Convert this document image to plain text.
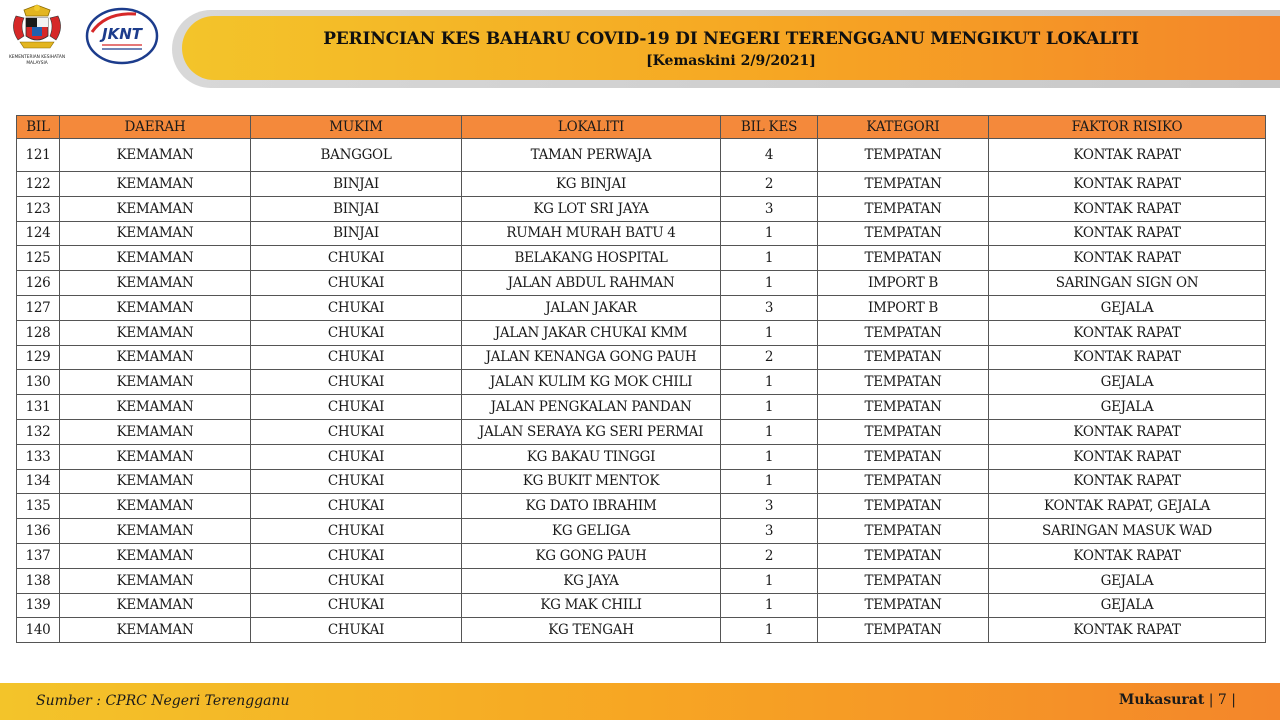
KEMENTERIAN KESIHATAN
MALAYSIA
JKNT	PERINCIAN KES BAHARU COVID-19 DI NEGERI TERENGGANU MENGIKUT LOKALITI
[Kemaskini 2/9/2021]
BIL	DAERAH	MUKIM	LOKALITI	BIL KES	KATEGORI	FAKTOR RISIKO
121	KEMAMAN	BANGGOL	TAMAN PERWAJA	4	TEMPATAN	KONTAK RAPAT
122	KEMAMAN	BINJAI	KG BINJAI	2	TEMPATAN	KONTAK RAPAT
123	KEMAMAN	BINJAI	KG LOT SRI JAYA	3	TEMPATAN	KONTAK RAPAT
124	KEMAMAN	BINJAI	RUMAH MURAH BATU 4	1	TEMPATAN	KONTAK RAPAT
125	KEMAMAN	CHUKAI	BELAKANG HOSPITAL	1	TEMPATAN	KONTAK RAPAT
126	KEMAMAN	CHUKAI	JALAN ABDUL RAHMAN	1	IMPORT B	SARINGAN SIGN ON
127	KEMAMAN	CHUKAI	JALAN JAKAR	3	IMPORT B	GEJALA
128	KEMAMAN	CHUKAI	JALAN JAKAR CHUKAI KMM	1	TEMPATAN	KONTAK RAPAT
129	KEMAMAN	CHUKAI	JALAN KENANGA GONG PAUH	2	TEMPATAN	KONTAK RAPAT
130	KEMAMAN	CHUKAI	JALAN KULIM KG MOK CHILI	1	TEMPATAN	GEJALA
131	KEMAMAN	CHUKAI	JALAN PENGKALAN PANDAN	1	TEMPATAN	GEJALA
132	KEMAMAN	CHUKAI	JALAN SERAYA KG SERI PERMAI	1	TEMPATAN	KONTAK RAPAT
133	KEMAMAN	CHUKAI	KG BAKAU TINGGI	1	TEMPATAN	KONTAK RAPAT
134	KEMAMAN	CHUKAI	KG BUKIT MENTOK	1	TEMPATAN	KONTAK RAPAT
135	KEMAMAN	CHUKAI	KG DATO IBRAHIM	3	TEMPATAN	KONTAK RAPAT, GEJALA
136	KEMAMAN	CHUKAI	KG GELIGA	3	TEMPATAN	SARINGAN MASUK WAD
137	KEMAMAN	CHUKAI	KG GONG PAUH	2	TEMPATAN	KONTAK RAPAT
138	KEMAMAN	CHUKAI	KG JAYA	1	TEMPATAN	GEJALA
139	KEMAMAN	CHUKAI	KG MAK CHILI	1	TEMPATAN	GEJALA
140	KEMAMAN	CHUKAI	KG TENGAH	1	TEMPATAN	KONTAK RAPAT
Sumber : CPRC Negeri Terengganu	Mukasurat | 7 |
